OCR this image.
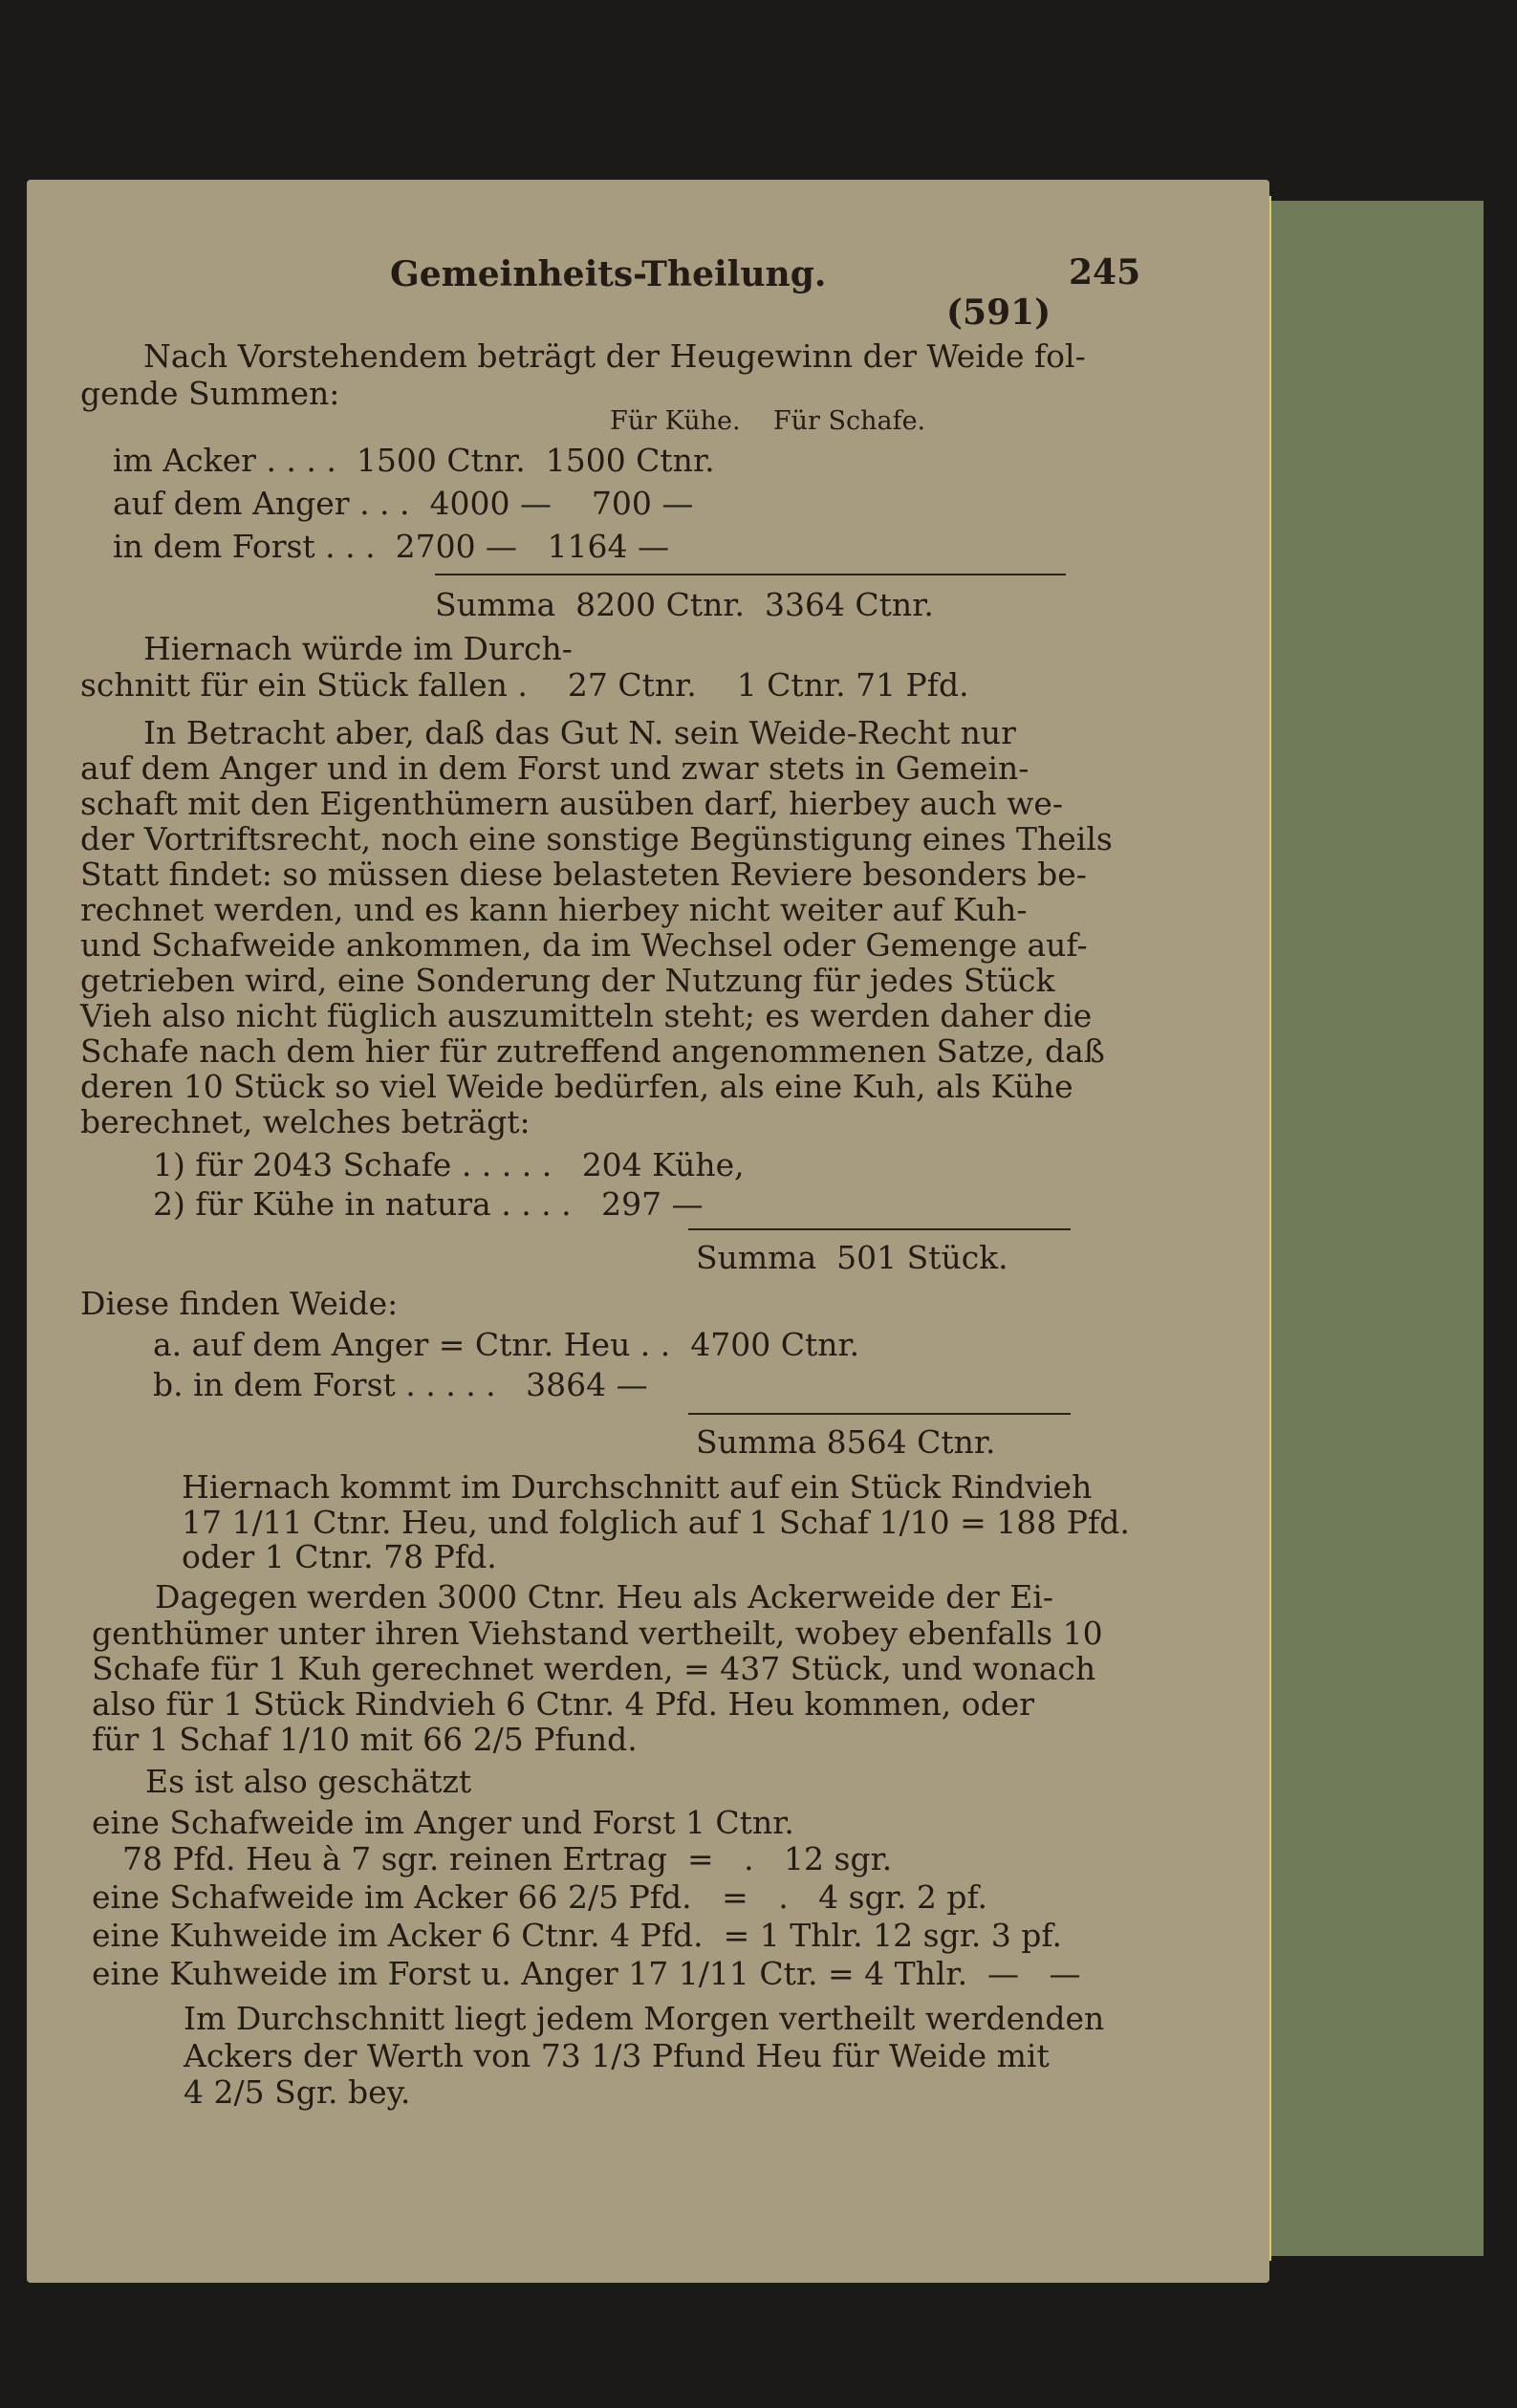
Gemeinheits-Theilung.	245
(591)
Nach Vorstehendem beträgt der Heugewinn der Weide fol-
gende Summen:
Für Kühe.    Für Schafe.
im Acker . . . .  1500 Ctnr.  1500 Ctnr.
auf dem Anger . . .  4000 —    700 —
in dem Forst . . .  2700 —   1164 —
Summa  8200 Ctnr.  3364 Ctnr.
Hiernach würde im Durch-
schnitt für ein Stück fallen .    27 Ctnr.    1 Ctnr. 71 Pfd.
In Betracht aber, daß das Gut N. sein Weide-Recht nur
auf dem Anger und in dem Forst und zwar stets in Gemein-
schaft mit den Eigenthümern ausüben darf, hierbey auch we-
der Vortriftsrecht, noch eine sonstige Begünstigung eines Theils
Statt findet: so müssen diese belasteten Reviere besonders be-
rechnet werden, und es kann hierbey nicht weiter auf Kuh-
und Schafweide ankommen, da im Wechsel oder Gemenge auf-
getrieben wird, eine Sonderung der Nutzung für jedes Stück
Vieh also nicht füglich auszumitteln steht; es werden daher die
Schafe nach dem hier für zutreffend angenommenen Satze, daß
deren 10 Stück so viel Weide bedürfen, als eine Kuh, als Kühe
berechnet, welches beträgt:
1) für 2043 Schafe . . . . .   204 Kühe,
2) für Kühe in natura . . . .   297 —
Summa  501 Stück.
Diese finden Weide:
a. auf dem Anger = Ctnr. Heu . .  4700 Ctnr.
b. in dem Forst . . . . .   3864 —
Summa 8564 Ctnr.
Hiernach kommt im Durchschnitt auf ein Stück Rindvieh
17 1/11 Ctnr. Heu, und folglich auf 1 Schaf 1/10 = 188 Pfd.
oder 1 Ctnr. 78 Pfd.
Dagegen werden 3000 Ctnr. Heu als Ackerweide der Ei-
genthümer unter ihren Viehstand vertheilt, wobey ebenfalls 10
Schafe für 1 Kuh gerechnet werden, = 437 Stück, und wonach
also für 1 Stück Rindvieh 6 Ctnr. 4 Pfd. Heu kommen, oder
für 1 Schaf 1/10 mit 66 2/5 Pfund.
Es ist also geschätzt
eine Schafweide im Anger und Forst 1 Ctnr.
78 Pfd. Heu à 7 sgr. reinen Ertrag  =   .   12 sgr.
eine Schafweide im Acker 66 2/5 Pfd.   =   .   4 sgr. 2 pf.
eine Kuhweide im Acker 6 Ctnr. 4 Pfd.  = 1 Thlr. 12 sgr. 3 pf.
eine Kuhweide im Forst u. Anger 17 1/11 Ctr. = 4 Thlr.  —   —
Im Durchschnitt liegt jedem Morgen vertheilt werdenden
Ackers der Werth von 73 1/3 Pfund Heu für Weide mit
4 2/5 Sgr. bey.
